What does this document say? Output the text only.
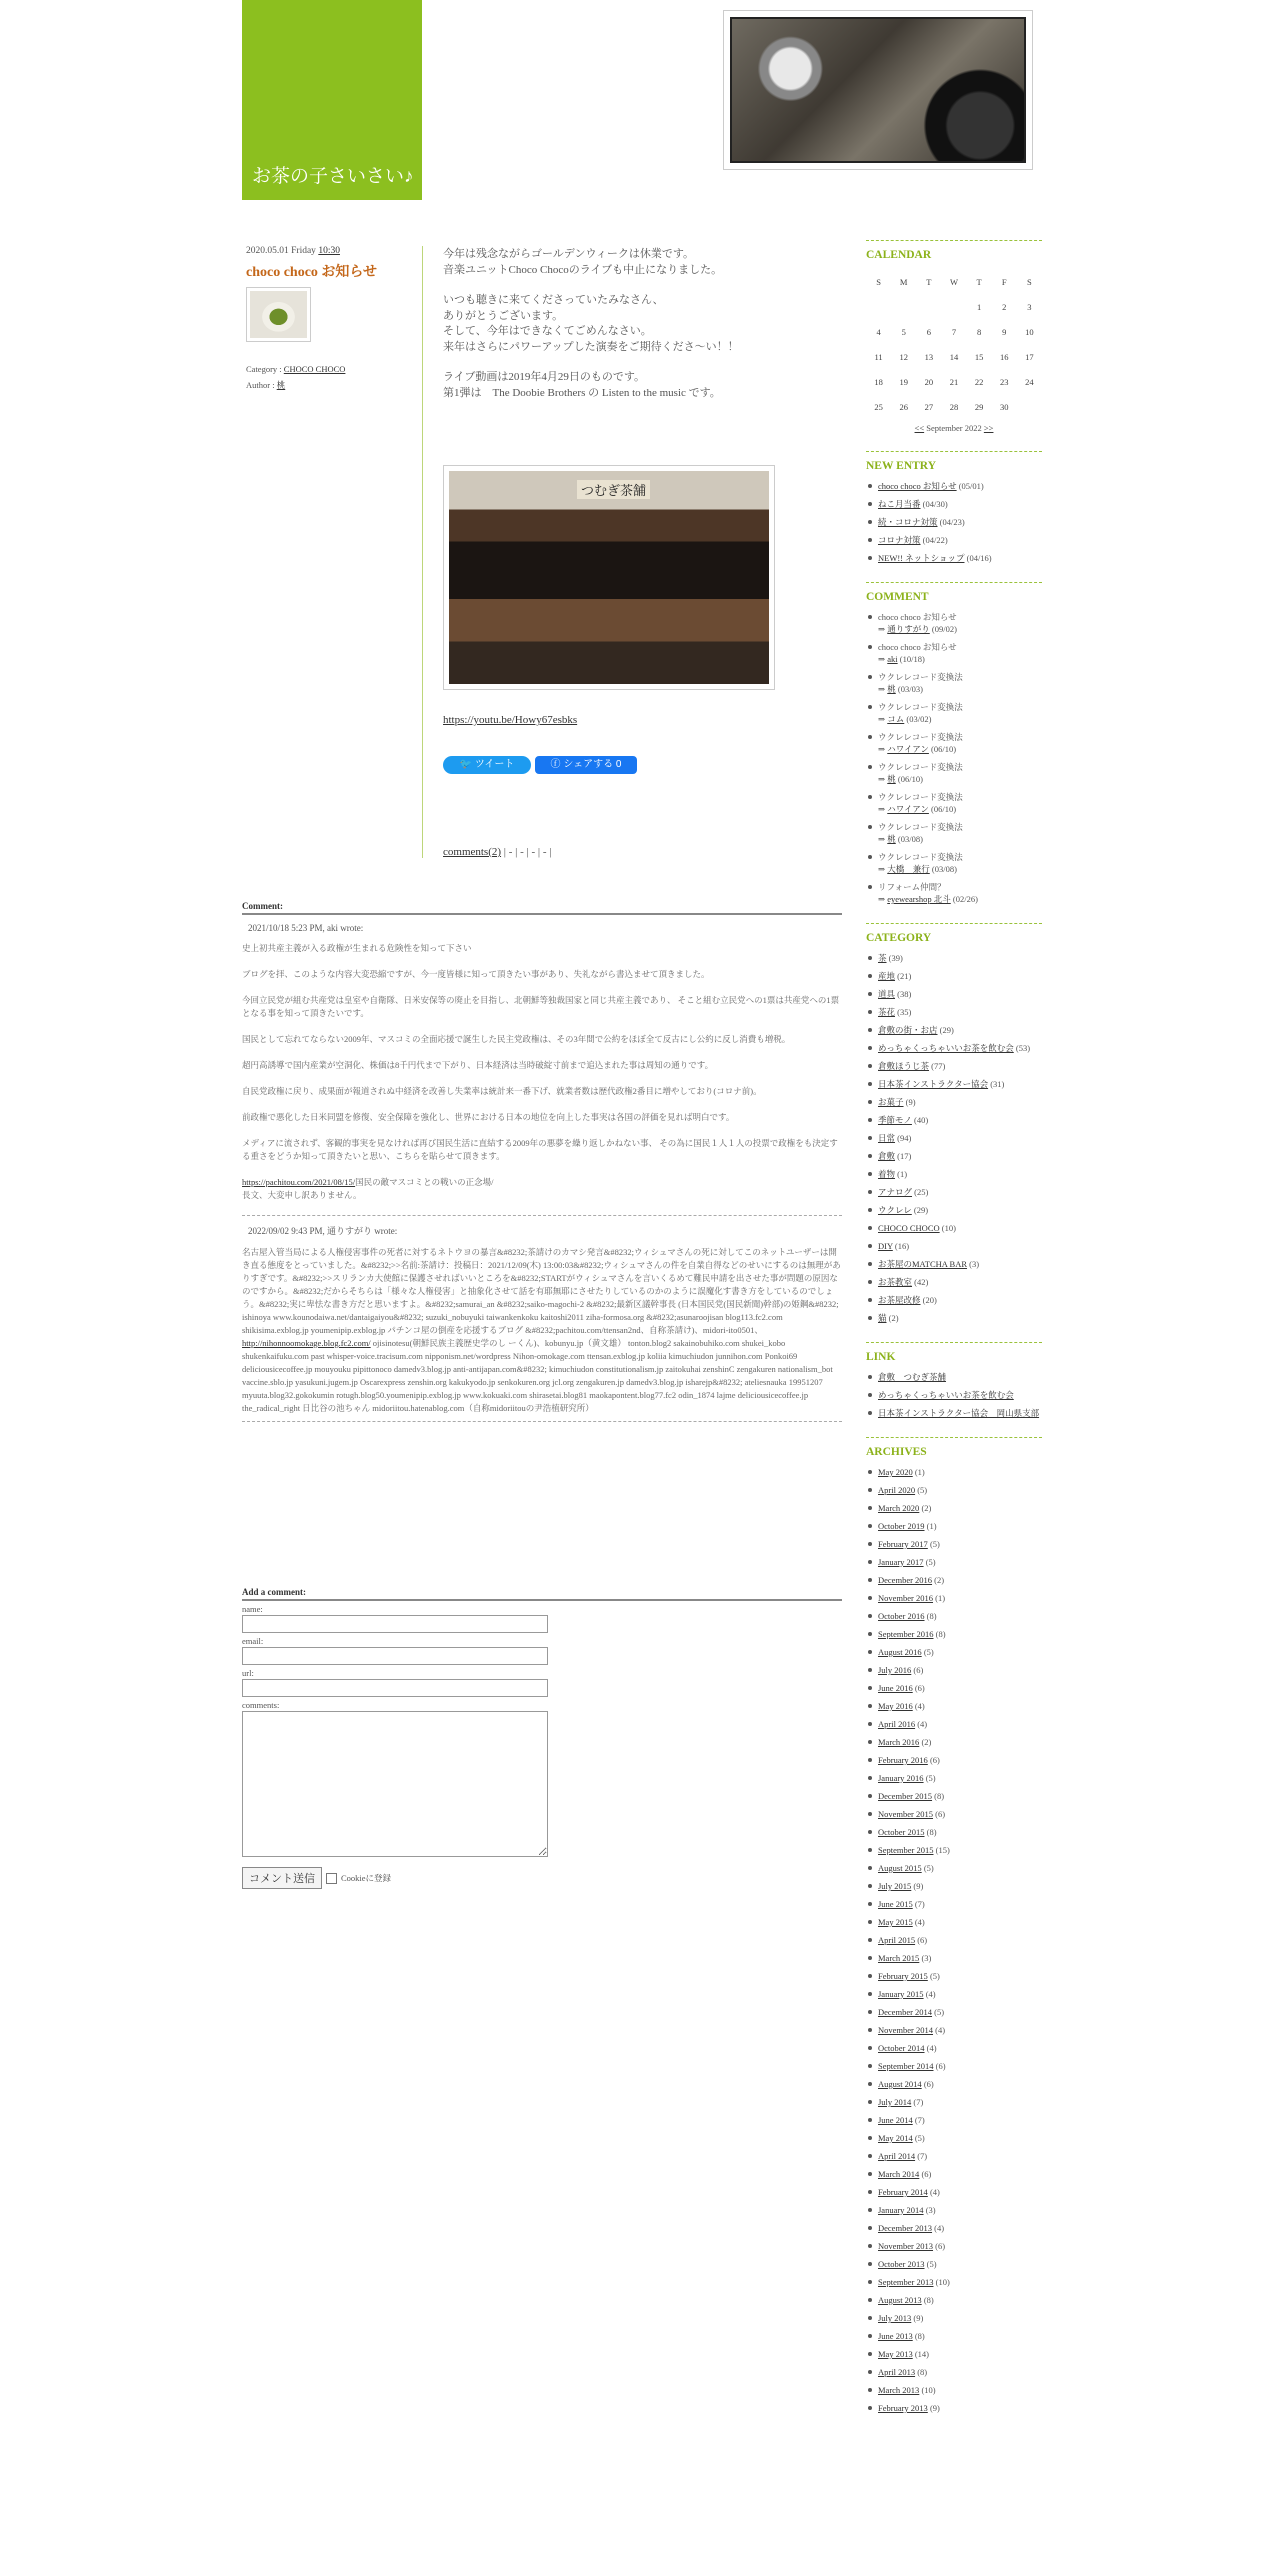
お茶の子さいさい♪
2020.05.01 Friday 10:30
choco choco お知らせ
Category : CHOCO CHOCO
Author : 桃

今年は残念ながらゴールデンウィークは休業です。
音楽ユニットChoco Chocoのライブも中止になりました。

いつも聴きに来てくださっていたみなさん、
ありがとうございます。
そして、今年はできなくてごめんなさい。
来年はさらにパワーアップした演奏をご期待くださ～い！！

ライブ動画は2019年4月29日のものです。
第1弾は　The Doobie Brothers の Listen to the music です。

つむぎ茶舗
https://youtu.be/Howy67esbks
🐦 ツイート	ⓕ シェアする 0
comments(2) | - | - | - | - |
Comment:
2021/10/18 5:23 PM, aki wrote:

史上初共産主義が入る政権が生まれる危険性を知って下さい

ブログを拝、このような内容大変恐縮ですが、今一度皆様に知って頂きたい事があり、失礼ながら書込ませて頂きました。

今回立民党が組む共産党は皇室や自衛隊、日米安保等の廃止を目指し、北朝鮮等独裁国家と同じ共産主義であり、 そこと組む立民党への1票は共産党への1票となる事を知って頂きたいです。

国民として忘れてならない2009年、マスコミの全面応援で誕生した民主党政権は、その3年間で公約をほぼ全て反古にし公約に反し消費も増税。

超円高誘導で国内産業が空洞化、株価は8千円代まで下がり、日本経済は当時破綻寸前まで追込まれた事は周知の通りです。

自民党政権に戻り、成果面が報道されぬ中経済を改善し失業率は統計来一番下げ、就業者数は歴代政権2番目に増やしており(コロナ前)。

前政権で悪化した日米同盟を修復、安全保障を強化し、世界における日本の地位を向上した事実は各国の評価を見れば明白です。

メディアに流されず、客観的事実を見なければ再び国民生活に直結する2009年の悪夢を繰り返しかねない事、 その為に国民１人１人の投票で政権をも決定する重さをどうか知って頂きたいと思い、こちらを貼らせて頂きます。

https://pachitou.com/2021/08/15/国民の敵マスコミとの戦いの正念場/
長文、大変申し訳ありません。

2022/09/02 9:43 PM, 通りすがり wrote:
名古屋入管当局による人権侵害事件の死者に対するネトウヨの暴言&#8232;茶請けのカマシ発言&#8232;ウィシュマさんの死に対してこのネットユーザーは開き直る態度をとっていました。&#8232;>>名前:茶請け：投稿日：2021/12/09(木) 13:00:03&#8232;ウィシュマさんの件を自業自得などのせいにするのは無理がありすぎです。&#8232;>>スリランカ大使館に保護させればいいところを&#8232;STARTがウィシュマさんを言いくるめて難民申請を出させた事が問題の原因なのですから。&#8232;だからそちらは「様々な人権侵害」と抽象化させて話を有耶無耶にさせたりしているのかのように誤魔化す書き方をしているのでしょう。&#8232;実に卑怯な書き方だと思いますよ。&#8232;samurai_an &#8232;saiko-magochi-2 &#8232;最新区議幹事長 (日本国民党(国民新聞)幹部)の姫鋼&#8232; ishinoya www.kounodaiwa.net/dantaigaiyou&#8232; suzuki_nobuyuki taiwankenkoku kaitoshi2011 ziha-formosa.org &#8232;asunaroojisan blog113.fc2.com shikisima.exblog.jp youmenipip.exblog.jp パチンコ屋の倒産を応援するブログ &#8232;pachitou.com/ttensan2nd、自称茶請け)、midori-ito0501、 http://nihonnoomokage.blog.fc2.com/ ojisinotesu(朝鮮民族主義歴史学のし ーくん)、kobunyu.jp（黄文雄） tonton.blog2 sakainobuhiko.com shukei_kobo shukenkaifuku.com past whisper-voice.tracisum.com nipponism.net/wordpress Nihon-omokage.com ttensan.exblog.jp koliia kimuchiudon junnihon.com Ponkoi69 deliciousicecoffee.jp mouyouku pipittonoco damedv3.blog.jp anti-antijapan.com&#8232; kimuchiudon constitutionalism.jp zaitokuhai zenshinC zengakuren nationalism_bot vaccine.sblo.jp yasukuni.jugem.jp Oscarexpress zenshin.org kakukyodo.jp senkokuren.org jcl.org zengakuren.jp damedv3.blog.jp isharejp&#8232; ateliesnauka 19951207 myuuta.blog32.gokokumin rotugh.blog50.youmenipip.exblog.jp www.kokuaki.com shirasetai.blog81 maokapontent.blog77.fc2 odin_1874 lajme deliciousicecoffee.jp the_radical_right 日比谷の池ちゃん midoriitou.hatenablog.com（自称midoriitouの尹浩植研究所）
Add a comment:
name:
email:
url:
comments:
コメント送信	Cookieに登録
CALENDAR
S	M	T	W	T	F	S
				1	2	3
4	5	6	7	8	9	10
11	12	13	14	15	16	17
18	19	20	21	22	23	24
25	26	27	28	29	30	
<< September 2022 >>
NEW ENTRY
choco choco お知らせ (05/01)
ねこ月当番 (04/30)
続・コロナ対策 (04/23)
コロナ対策 (04/22)
NEW!! ネットショップ (04/16)
COMMENT
choco choco お知らせ
⇒ 通りすがり (09/02)
choco choco お知らせ
⇒ aki (10/18)
ウクレレコード変換法
⇒ 桃 (03/03)
ウクレレコード変換法
⇒ コム (03/02)
ウクレレコード変換法
⇒ ハワイアン (06/10)
ウクレレコード変換法
⇒ 桃 (06/10)
ウクレレコード変換法
⇒ ハワイアン (06/10)
ウクレレコード変換法
⇒ 桃 (03/08)
ウクレレコード変換法
⇒ 大橋　兼行 (03/08)
リフォーム仲間？
⇒ eyewearshop 北斗 (02/26)
CATEGORY
茶 (39)
産地 (21)
道具 (38)
茶花 (35)
倉敷の街・お店 (29)
めっちゃくっちゃいいお茶を飲む会 (53)
倉敷ほうじ茶 (77)
日本茶インストラクター協会 (31)
お菓子 (9)
季節モノ (40)
日常 (94)
倉敷 (17)
着物 (1)
アナログ (25)
ウクレレ (29)
CHOCO CHOCO (10)
DIY (16)
お茶屋のMATCHA BAR (3)
お茶教室 (42)
お茶屋改修 (20)
猫 (2)
LINK
倉敷　つむぎ茶舗
めっちゃくっちゃいいお茶を飲む会
日本茶インストラクター協会　岡山県支部
ARCHIVES
May 2020 (1)
April 2020 (5)
March 2020 (2)
October 2019 (1)
February 2017 (5)
January 2017 (5)
December 2016 (2)
November 2016 (1)
October 2016 (8)
September 2016 (8)
August 2016 (5)
July 2016 (6)
June 2016 (6)
May 2016 (4)
April 2016 (4)
March 2016 (2)
February 2016 (6)
January 2016 (5)
December 2015 (8)
November 2015 (6)
October 2015 (8)
September 2015 (15)
August 2015 (5)
July 2015 (9)
June 2015 (7)
May 2015 (4)
April 2015 (6)
March 2015 (3)
February 2015 (5)
January 2015 (4)
December 2014 (5)
November 2014 (4)
October 2014 (4)
September 2014 (6)
August 2014 (6)
July 2014 (7)
June 2014 (7)
May 2014 (5)
April 2014 (7)
March 2014 (6)
February 2014 (4)
January 2014 (3)
December 2013 (4)
November 2013 (6)
October 2013 (5)
September 2013 (10)
August 2013 (8)
July 2013 (9)
June 2013 (8)
May 2013 (14)
April 2013 (8)
March 2013 (10)
February 2013 (9)
